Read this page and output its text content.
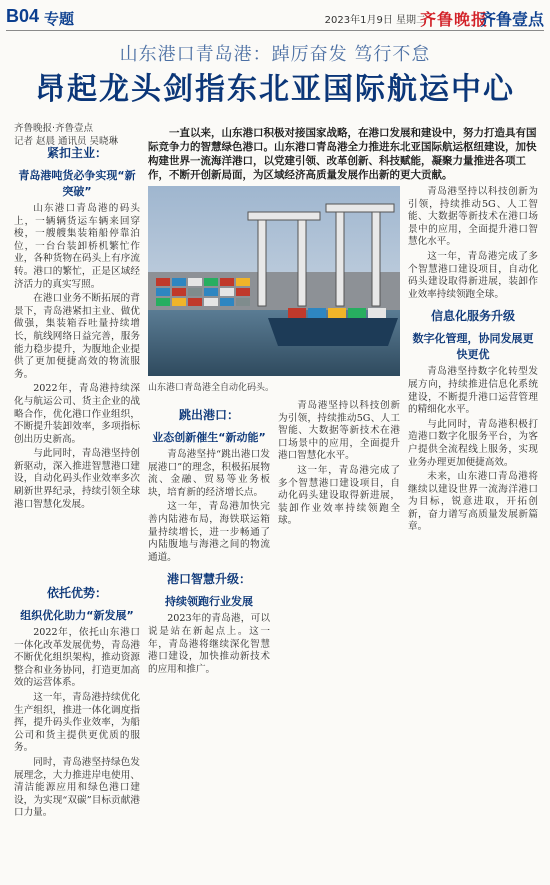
B04 专题	2023年1月9日 星期二
齐鲁晚报
齐鲁壹点
山东港口青岛港：踔厉奋发 笃行不怠
昂起龙头剑指东北亚国际航运中心
齐鲁晚报·齐鲁壹点
记者 赵晨 通讯员 吴晓琳
一直以来，山东港口积极对接国家战略，在港口发展和建设中，努力打造具有国际竞争力的智慧绿色港口。山东港口青岛港全力推进东北亚国际航运枢纽建设，加快构建世界一流海洋港口，以党建引领、改革创新、科技赋能，凝聚力量推进各项工作，不断开创新局面，为区域经济高质量发展作出新的更大贡献。
紧扣主业：
青岛港吨货必争实现“新突破”

山东港口青岛港的码头上，一辆辆货运车辆来回穿梭，一艘艘集装箱船停靠泊位，一台台装卸桥机繁忙作业，各种货物在码头上有序流转。港口的繁忙，正是区域经济活力的真实写照。

在港口业务不断拓展的背景下，青岛港紧扣主业、做优做强，集装箱吞吐量持续增长，航线网络日益完善，服务能力稳步提升，为腹地企业提供了更加便捷高效的物流服务。

2022年，青岛港持续深化与航运公司、货主企业的战略合作，优化港口作业组织，不断提升装卸效率，多项指标创出历史新高。

与此同时，青岛港坚持创新驱动，深入推进智慧港口建设，自动化码头作业效率多次刷新世界纪录，持续引领全球港口智慧化发展。

山东港口青岛港全自动化码头。
依托优势：
组织优化助力“新发展”

2022年，依托山东港口一体化改革发展优势，青岛港不断优化组织架构，推动资源整合和业务协同，打造更加高效的运营体系。

这一年，青岛港持续优化生产组织，推进一体化调度指挥，提升码头作业效率，为船公司和货主提供更优质的服务。

同时，青岛港坚持绿色发展理念，大力推进岸电使用、清洁能源应用和绿色港口建设，为实现“双碳”目标贡献港口力量。

跳出港口：
业态创新催生“新动能”

青岛港坚持“跳出港口发展港口”的理念，积极拓展物流、金融、贸易等业务板块，培育新的经济增长点。

这一年，青岛港加快完善内陆港布局，海铁联运箱量持续增长，进一步畅通了内陆腹地与海港之间的物流通道。

港口智慧升级：
持续领跑行业发展

2023年的青岛港，可以说是站在新起点上。这一年，青岛港将继续深化智慧港口建设，加快推动新技术的应用和推广。

青岛港坚持以科技创新为引领，持续推动5G、人工智能、大数据等新技术在港口场景中的应用，全面提升港口智慧化水平。

这一年，青岛港完成了多个智慧港口建设项目，自动化码头建设取得新进展，装卸作业效率持续领跑全球。

青岛港坚持以科技创新为引领，持续推动5G、人工智能、大数据等新技术在港口场景中的应用，全面提升港口智慧化水平。

这一年，青岛港完成了多个智慧港口建设项目，自动化码头建设取得新进展，装卸作业效率持续领跑全球。

信息化服务升级
数字化管理，协同发展更快更优

青岛港坚持数字化转型发展方向，持续推进信息化系统建设，不断提升港口运营管理的精细化水平。

与此同时，青岛港积极打造港口数字化服务平台，为客户提供全流程线上服务，实现业务办理更加便捷高效。

未来，山东港口青岛港将继续以建设世界一流海洋港口为目标，锐意进取，开拓创新，奋力谱写高质量发展新篇章。
